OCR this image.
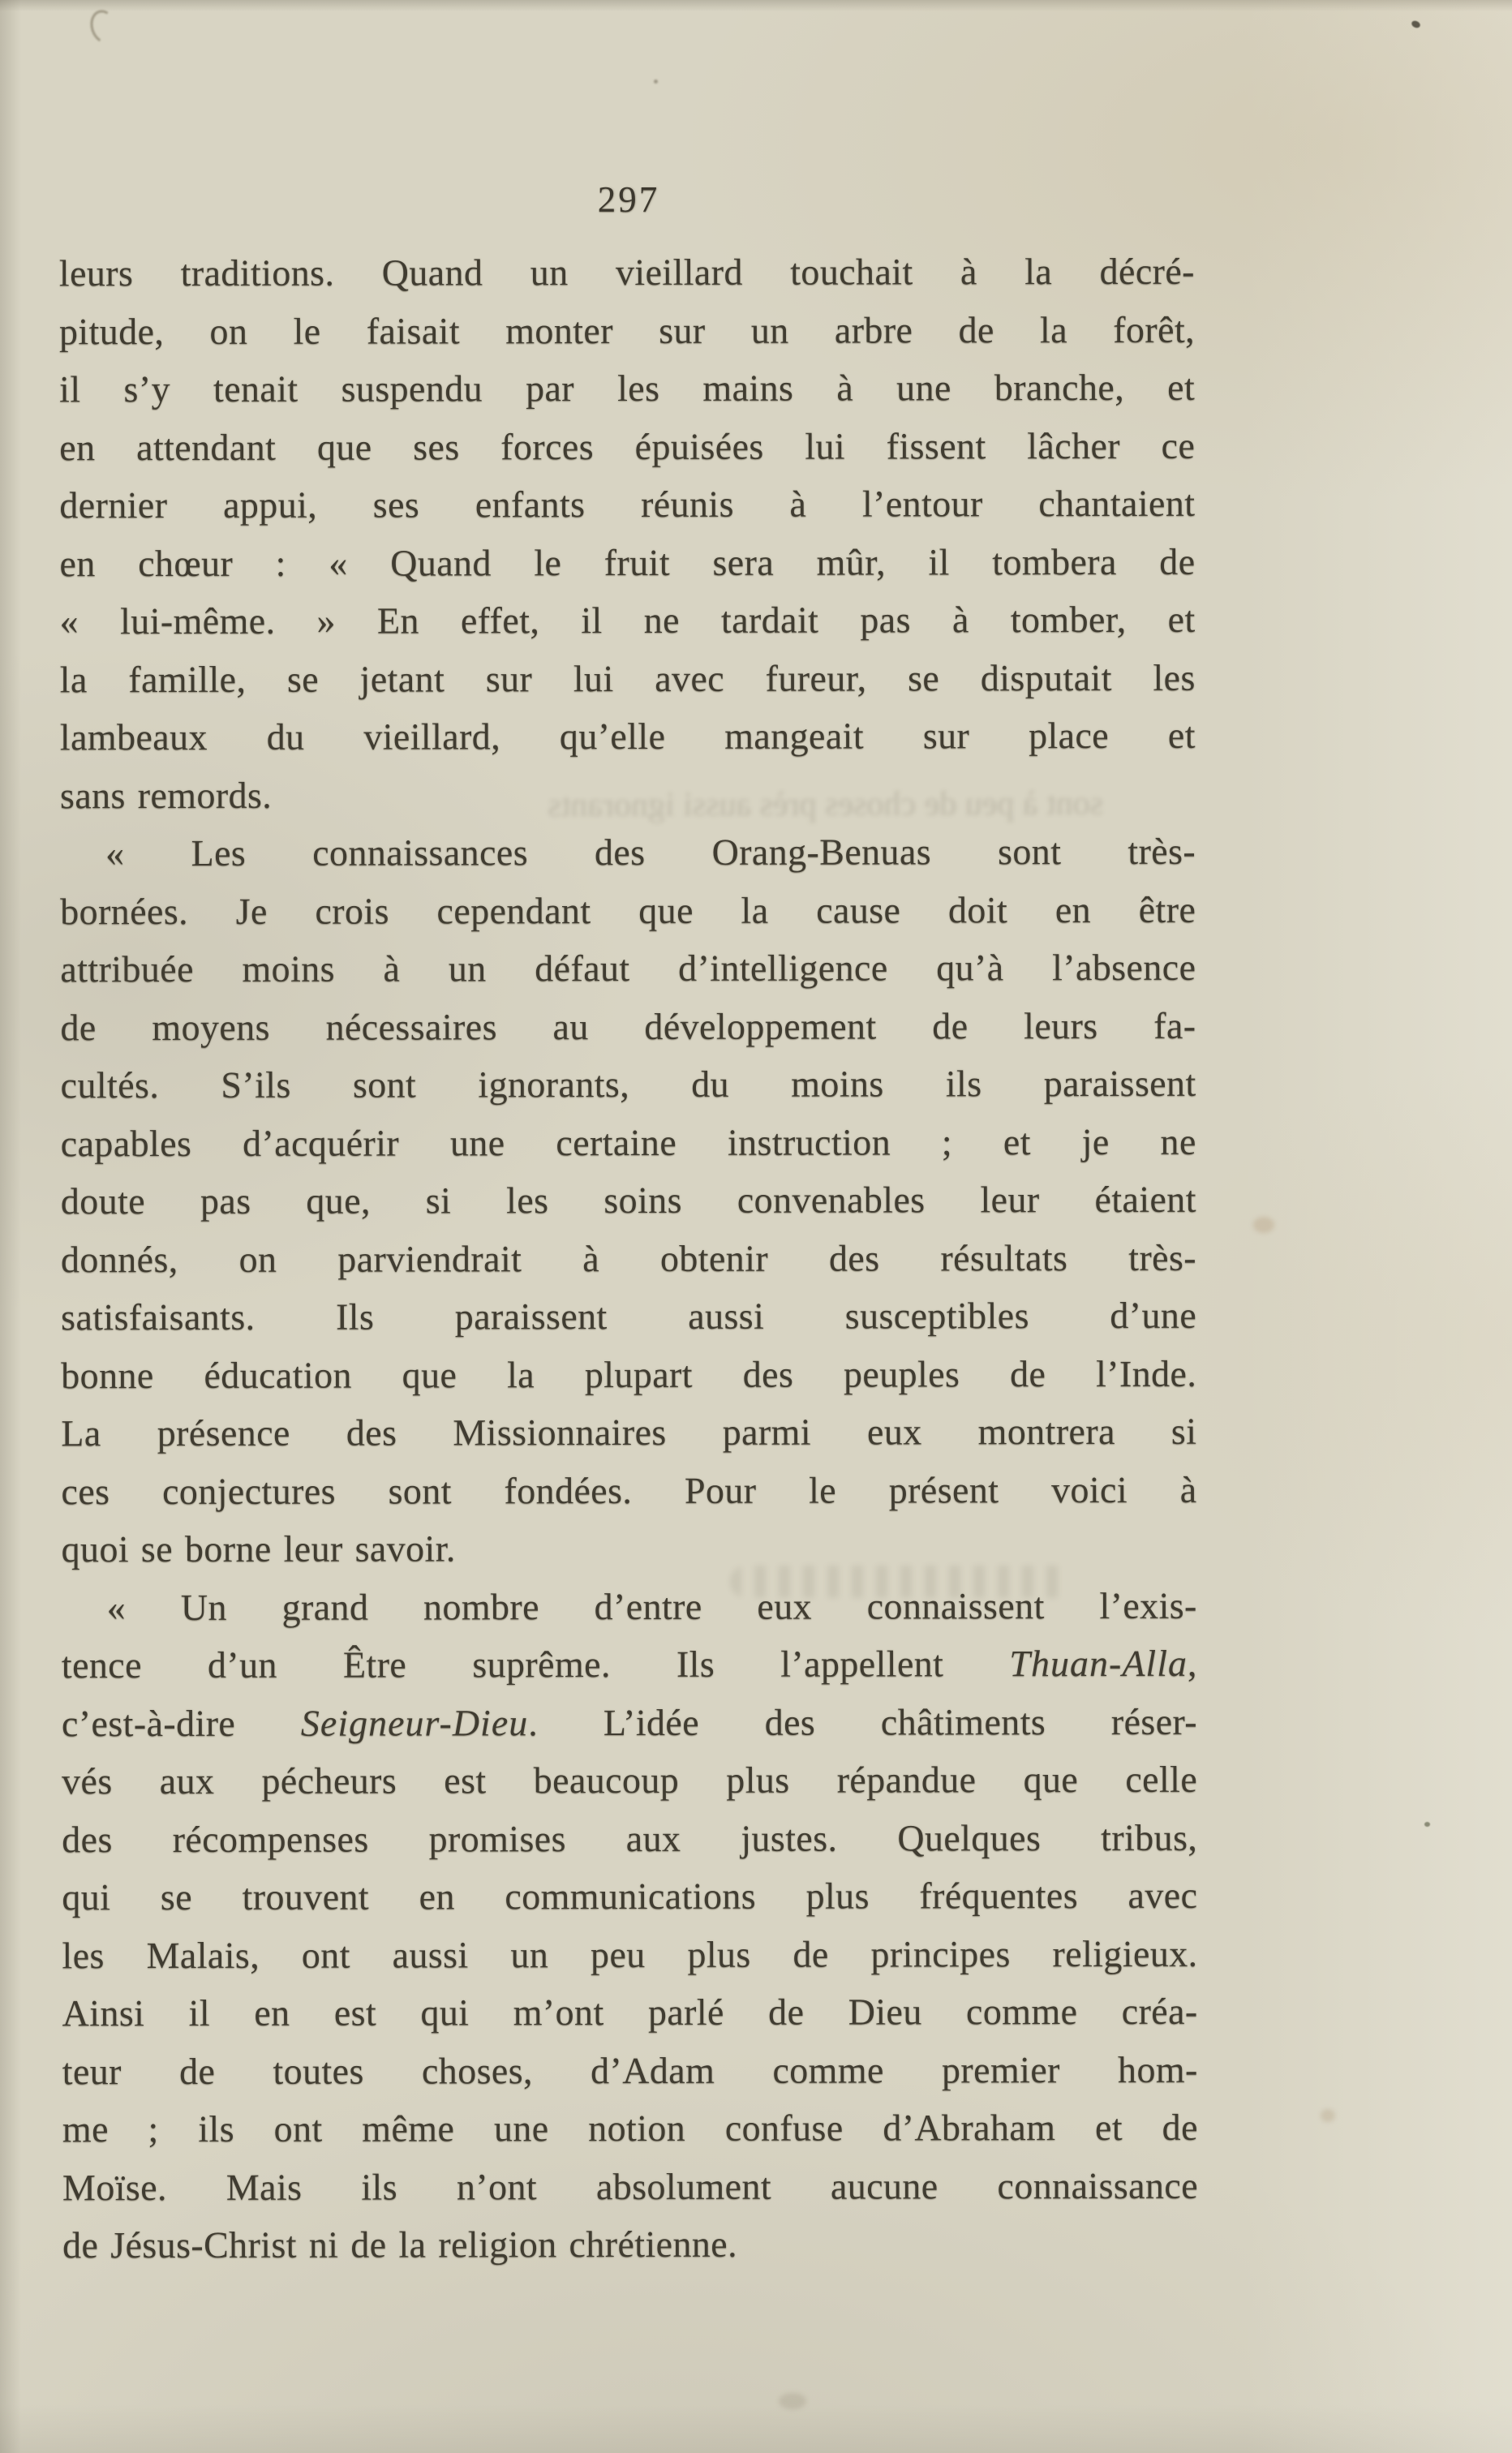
sont à peu de choses près aussi ignorants
297
leurs traditions. Quand un vieillard touchait à la décré-
pitude, on le faisait monter sur un arbre de la forêt,
il s’y tenait suspendu par les mains à une branche, et
en attendant que ses forces épuisées lui fissent lâcher ce
dernier appui, ses enfants réunis à l’entour chantaient
en chœur : « Quand le fruit sera mûr, il tombera de
« lui-même. » En effet, il ne tardait pas à tomber, et
la famille, se jetant sur lui avec fureur, se disputait les
lambeaux du vieillard, qu’elle mangeait sur place et
sans remords.
« Les connaissances des Orang-Benuas sont très-
bornées. Je crois cependant que la cause doit en être
attribuée moins à un défaut d’intelligence qu’à l’absence
de moyens nécessaires au développement de leurs fa-
cultés. S’ils sont ignorants, du moins ils paraissent
capables d’acquérir une certaine instruction ; et je ne
doute pas que, si les soins convenables leur étaient
donnés, on parviendrait à obtenir des résultats très-
satisfaisants. Ils paraissent aussi susceptibles d’une
bonne éducation que la plupart des peuples de l’Inde.
La présence des Missionnaires parmi eux montrera si
ces conjectures sont fondées. Pour le présent voici à
quoi se borne leur savoir.
« Un grand nombre d’entre eux connaissent l’exis-
tence d’un Être suprême. Ils l’appellent Thuan-Alla,
c’est-à-dire Seigneur-Dieu. L’idée des châtiments réser-
vés aux pécheurs est beaucoup plus répandue que celle
des récompenses promises aux justes. Quelques tribus,
qui se trouvent en communications plus fréquentes avec
les Malais, ont aussi un peu plus de principes religieux.
Ainsi il en est qui m’ont parlé de Dieu comme créa-
teur de toutes choses, d’Adam comme premier hom-
me ; ils ont même une notion confuse d’Abraham et de
Moïse. Mais ils n’ont absolument aucune connaissance
de Jésus-Christ ni de la religion chrétienne.
